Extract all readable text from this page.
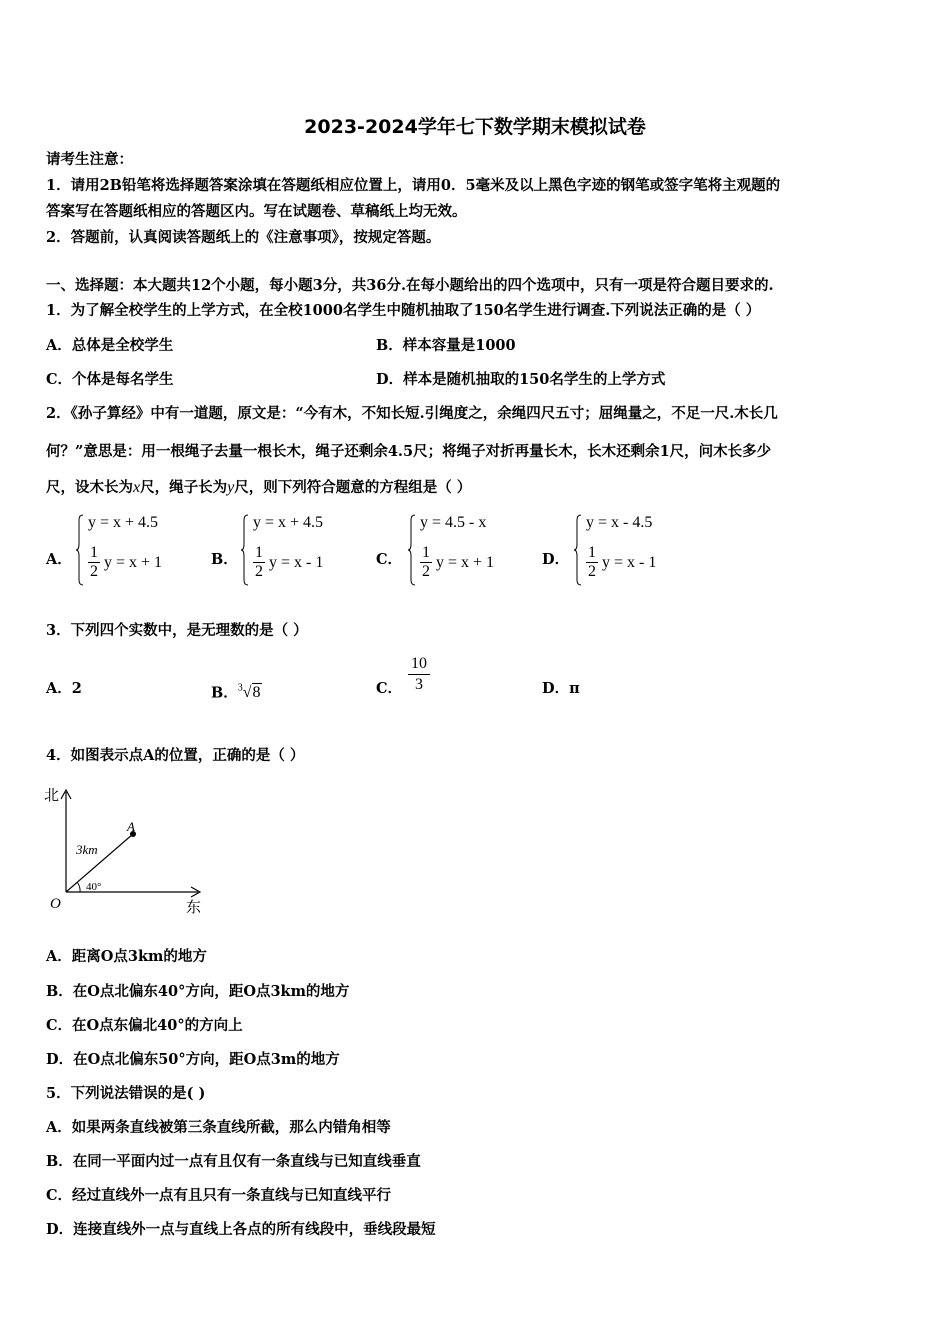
2023-2024学年七下数学期末模拟试卷
请考生注意：
1．请用2B铅笔将选择题答案涂填在答题纸相应位置上，请用0．5毫米及以上黑色字迹的钢笔或签字笔将主观题的
答案写在答题纸相应的答题区内。写在试题卷、草稿纸上均无效。
2．答题前，认真阅读答题纸上的《注意事项》，按规定答题。
一、选择题：本大题共12个小题，每小题3分，共36分.在每小题给出的四个选项中，只有一项是符合题目要求的.
1．为了解全校学生的上学方式，在全校1000名学生中随机抽取了150名学生进行调查.下列说法正确的是（ ）
A．总体是全校学生	B．样本容量是1000
C．个体是每名学生	D．样本是随机抽取的150名学生的上学方式
2．《孙子算经》中有一道题，原文是：“今有木，不知长短.引绳度之，余绳四尺五寸；屈绳量之，不足一尺.木长几
何？”意思是：用一根绳子去量一根长木，绳子还剩余4.5尺；将绳子对折再量长木，长木还剩余1尺，问木长多少
尺，设木长为x尺，绳子长为y尺，则下列符合题意的方程组是（ ）
A．
y = x + 4.5
$\frac{1}{2}$ y = x + 1	B．
y = x + 4.5
$\frac{1}{2}$ y = x - 1	C．
y = 4.5 - x
$\frac{1}{2}$ y = x + 1	D．
y = x - 4.5
$\frac{1}{2}$ y = x - 1
3．下列四个实数中，是无理数的是（ ）
A．2	B．$^3$√8	C．
10
3	D．π
4．如图表示点A的位置，正确的是（ ）
北
东
O
A
3km
40°
A．距离O点3km的地方
B．在O点北偏东40°方向，距O点3km的地方
C．在O点东偏北40°的方向上
D．在O点北偏东50°方向，距O点3m的地方
5．下列说法错误的是( )
A．如果两条直线被第三条直线所截，那么内错角相等
B．在同一平面内过一点有且仅有一条直线与已知直线垂直
C．经过直线外一点有且只有一条直线与已知直线平行
D．连接直线外一点与直线上各点的所有线段中，垂线段最短
